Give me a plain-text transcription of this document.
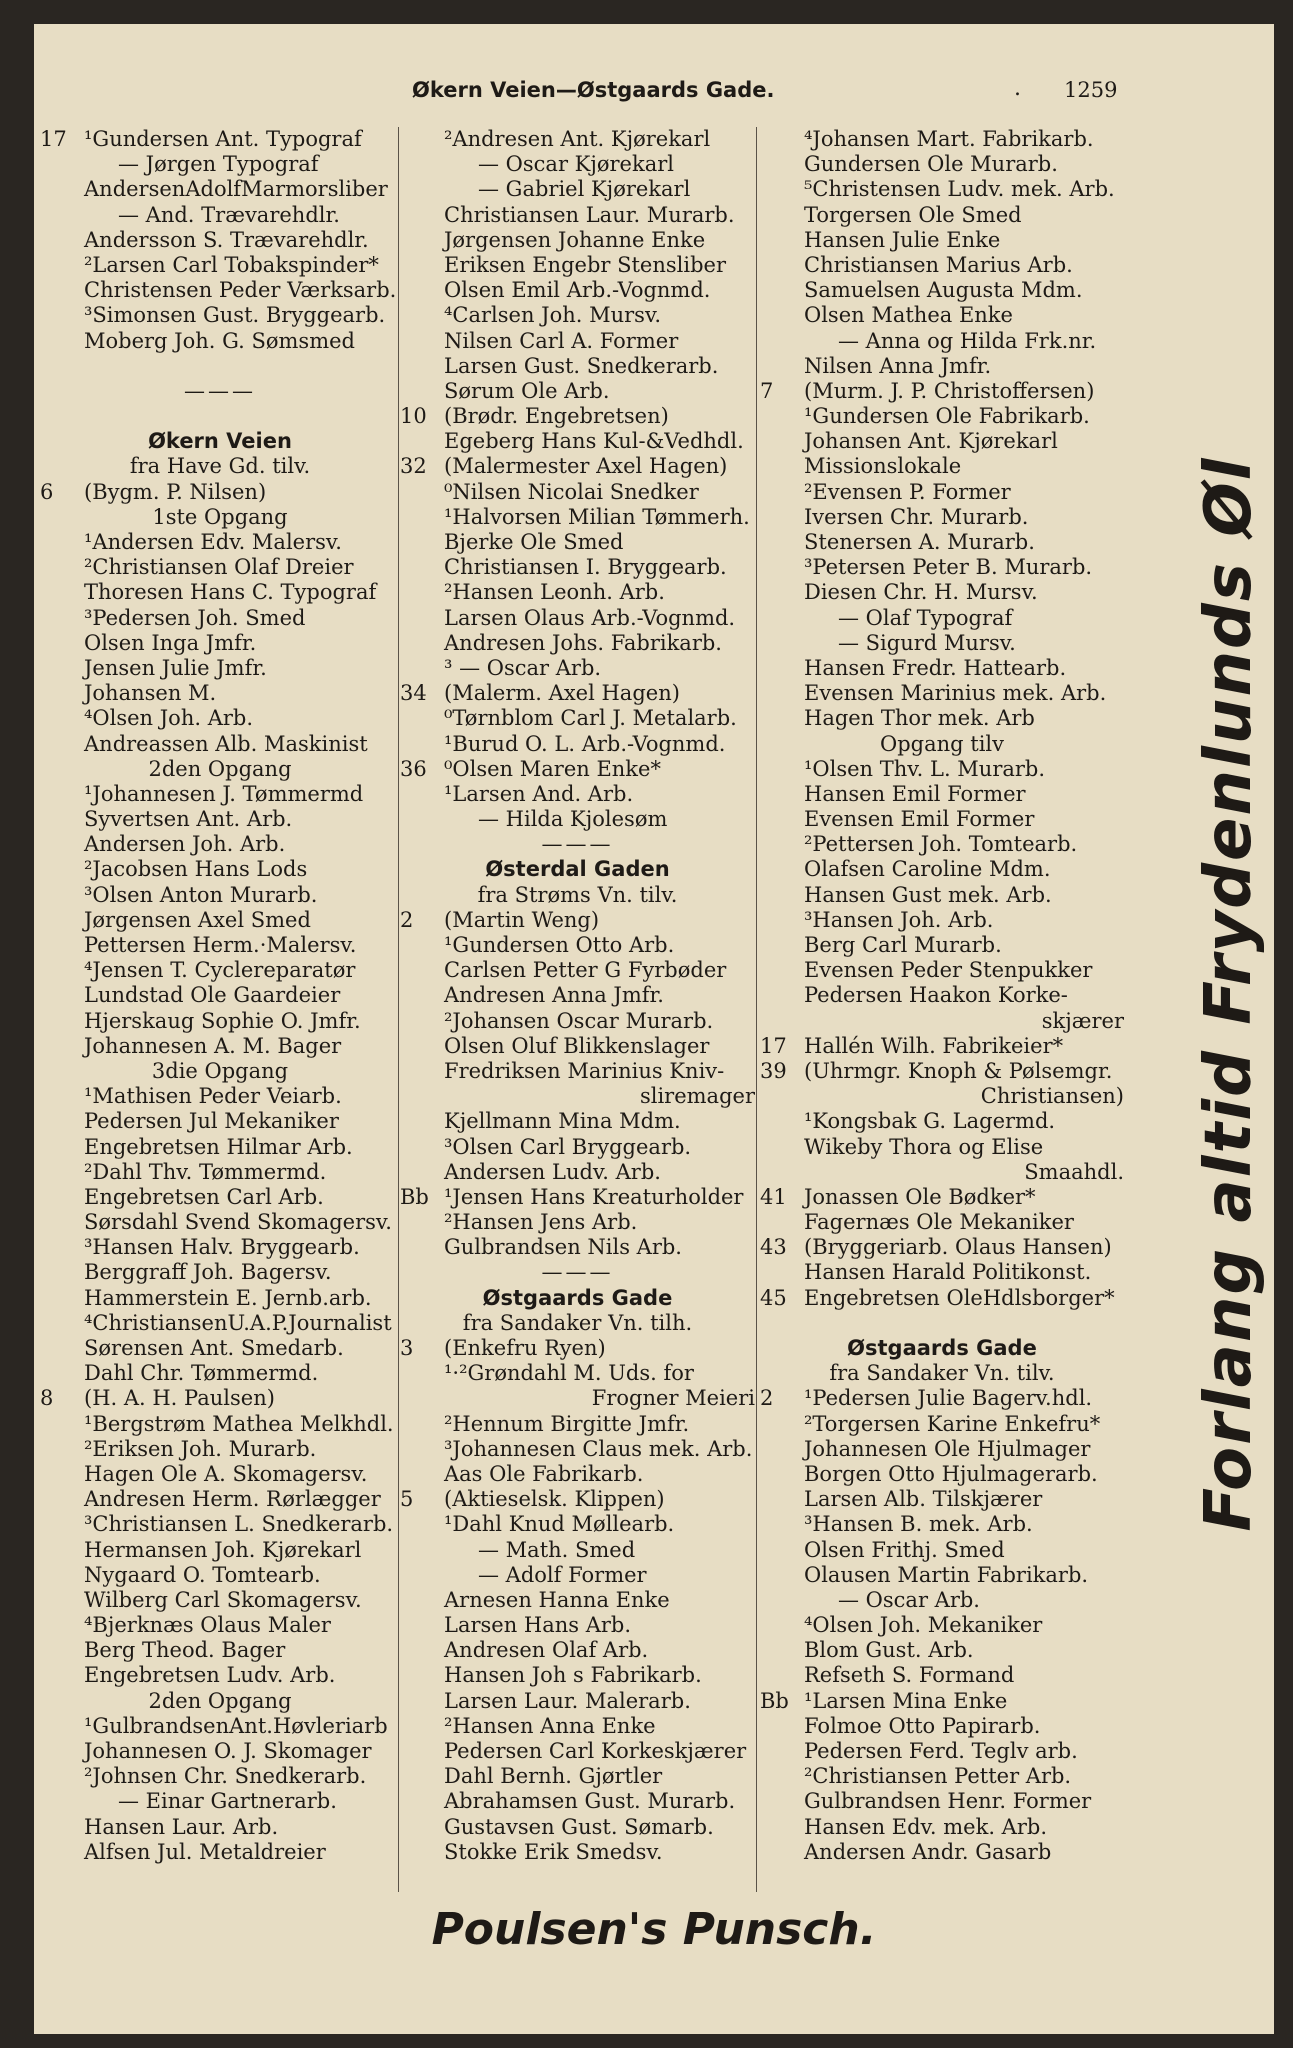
Økern Veien—Østgaards Gade.	. 1259
17 ¹Gundersen Ant. Typograf
— Jørgen Typograf
AndersenAdolfMarmorsliber
— And. Trævarehdlr.
Andersson S. Trævarehdlr.
²Larsen Carl Tobakspinder*
Christensen Peder Værksarb.
³Simonsen Gust. Bryggearb.
Moberg Joh. G. Sømsmed
———
Økern Veien
fra Have Gd. tilv.
6	(Bygm. P. Nilsen)
1ste Opgang
¹Andersen Edv. Malersv.
²Christiansen Olaf Dreier
Thoresen Hans C. Typograf
³Pedersen Joh. Smed
Olsen Inga Jmfr.
Jensen Julie Jmfr.
Johansen M.
⁴Olsen Joh. Arb.
Andreassen Alb. Maskinist
2den Opgang
¹Johannesen J. Tømmermd
Syvertsen Ant. Arb.
Andersen Joh. Arb.
²Jacobsen Hans Lods
³Olsen Anton Murarb.
Jørgensen Axel Smed
Pettersen Herm.·Malersv.
⁴Jensen T. Cyclereparatør
Lundstad Ole Gaardeier
Hjerskaug Sophie O. Jmfr.
Johannesen A. M. Bager
3die Opgang
¹Mathisen Peder Veiarb.
Pedersen Jul Mekaniker
Engebretsen Hilmar Arb.
²Dahl Thv. Tømmermd.
Engebretsen Carl Arb.
Sørsdahl Svend Skomagersv.
³Hansen Halv. Bryggearb.
Berggraff Joh. Bagersv.
Hammerstein E. Jernb.arb.
⁴ChristiansenU.A.P.Journalist
Sørensen Ant. Smedarb.
Dahl Chr. Tømmermd.
8	(H. A. H. Paulsen)
¹Bergstrøm Mathea Melkhdl.
²Eriksen Joh. Murarb.
Hagen Ole A. Skomagersv.
Andresen Herm. Rørlægger
³Christiansen L. Snedkerarb.
Hermansen Joh. Kjørekarl
Nygaard O. Tomtearb.
Wilberg Carl Skomagersv.
⁴Bjerknæs Olaus Maler
Berg Theod. Bager
Engebretsen Ludv. Arb.
2den Opgang
¹GulbrandsenAnt.Høvleriarb
Johannesen O. J. Skomager
²Johnsen Chr. Snedkerarb.
— Einar Gartnerarb.
Hansen Laur. Arb.
Alfsen Jul. Metaldreier
²Andresen Ant. Kjørekarl
— Oscar Kjørekarl
— Gabriel Kjørekarl
Christiansen Laur. Murarb.
Jørgensen Johanne Enke
Eriksen Engebr Stensliber
Olsen Emil Arb.-Vognmd.
⁴Carlsen Joh. Mursv.
Nilsen Carl A. Former
Larsen Gust. Snedkerarb.
Sørum Ole Arb.
10 (Brødr. Engebretsen)
Egeberg Hans Kul-&Vedhdl.
32 (Malermester Axel Hagen)
⁰Nilsen Nicolai Snedker
¹Halvorsen Milian Tømmerh.
Bjerke Ole Smed
Christiansen I. Bryggearb.
²Hansen Leonh. Arb.
Larsen Olaus Arb.-Vognmd.
Andresen Johs. Fabrikarb.
³ — Oscar Arb.
34 (Malerm. Axel Hagen)
⁰Tørnblom Carl J. Metalarb.
¹Burud O. L. Arb.-Vognmd.
36 ⁰Olsen Maren Enke*
¹Larsen And. Arb.
— Hilda Kjolesøm
———
Østerdal Gaden
fra Strøms Vn. tilv.
2	(Martin Weng)
¹Gundersen Otto Arb.
Carlsen Petter G Fyrbøder
Andresen Anna Jmfr.
²Johansen Oscar Murarb.
Olsen Oluf Blikkenslager
Fredriksen Marinius Kniv-
sliremager
Kjellmann Mina Mdm.
³Olsen Carl Bryggearb.
Andersen Ludv. Arb.
Bb ¹Jensen Hans Kreaturholder
²Hansen Jens Arb.
Gulbrandsen Nils Arb.
———
Østgaards Gade
fra Sandaker Vn. tilh.
3	(Enkefru Ryen)
¹·²Grøndahl M. Uds. for
Frogner Meieri
²Hennum Birgitte Jmfr.
³Johannesen Claus mek. Arb.
Aas Ole Fabrikarb.
5	(Aktieselsk. Klippen)
¹Dahl Knud Møllearb.
— Math. Smed
— Adolf Former
Arnesen Hanna Enke
Larsen Hans Arb.
Andresen Olaf Arb.
Hansen Joh s Fabrikarb.
Larsen Laur. Malerarb.
²Hansen Anna Enke
Pedersen Carl Korkeskjærer
Dahl Bernh. Gjørtler
Abrahamsen Gust. Murarb.
Gustavsen Gust. Sømarb.
Stokke Erik Smedsv.
⁴Johansen Mart. Fabrikarb.
Gundersen Ole Murarb.
⁵Christensen Ludv. mek. Arb.
Torgersen Ole Smed
Hansen Julie Enke
Christiansen Marius Arb.
Samuelsen Augusta Mdm.
Olsen Mathea Enke
— Anna og Hilda Frk.nr.
Nilsen Anna Jmfr.
7	(Murm. J. P. Christoffersen)
¹Gundersen Ole Fabrikarb.
Johansen Ant. Kjørekarl
Missionslokale
²Evensen P. Former
Iversen Chr. Murarb.
Stenersen A. Murarb.
³Petersen Peter B. Murarb.
Diesen Chr. H. Mursv.
— Olaf Typograf
— Sigurd Mursv.
Hansen Fredr. Hattearb.
Evensen Marinius mek. Arb.
Hagen Thor mek. Arb
Opgang tilv
¹Olsen Thv. L. Murarb.
Hansen Emil Former
Evensen Emil Former
²Pettersen Joh. Tomtearb.
Olafsen Caroline Mdm.
Hansen Gust mek. Arb.
³Hansen Joh. Arb.
Berg Carl Murarb.
Evensen Peder Stenpukker
Pedersen Haakon Korke-
skjærer
17 Hallén Wilh. Fabrikeier*
39 (Uhrmgr. Knoph & Pølsemgr.
Christiansen)
¹Kongsbak G. Lagermd.
Wikeby Thora og Elise
Smaahdl.
41 Jonassen Ole Bødker*
Fagernæs Ole Mekaniker
43 (Bryggeriarb. Olaus Hansen)
Hansen Harald Politikonst.
45 Engebretsen OleHdlsborger*
Østgaards Gade
fra Sandaker Vn. tilv.
2	¹Pedersen Julie Bagerv.hdl.
²Torgersen Karine Enkefru*
Johannesen Ole Hjulmager
Borgen Otto Hjulmagerarb.
Larsen Alb. Tilskjærer
³Hansen B. mek. Arb.
Olsen Frithj. Smed
Olausen Martin Fabrikarb.
— Oscar Arb.
⁴Olsen Joh. Mekaniker
Blom Gust. Arb.
Refseth S. Formand
Bb ¹Larsen Mina Enke
Folmoe Otto Papirarb.
Pedersen Ferd. Teglv arb.
²Christiansen Petter Arb.
Gulbrandsen Henr. Former
Hansen Edv. mek. Arb.
Andersen Andr. Gasarb
Forlang altid Frydenlunds Øl
Poulsen's Punsch.
